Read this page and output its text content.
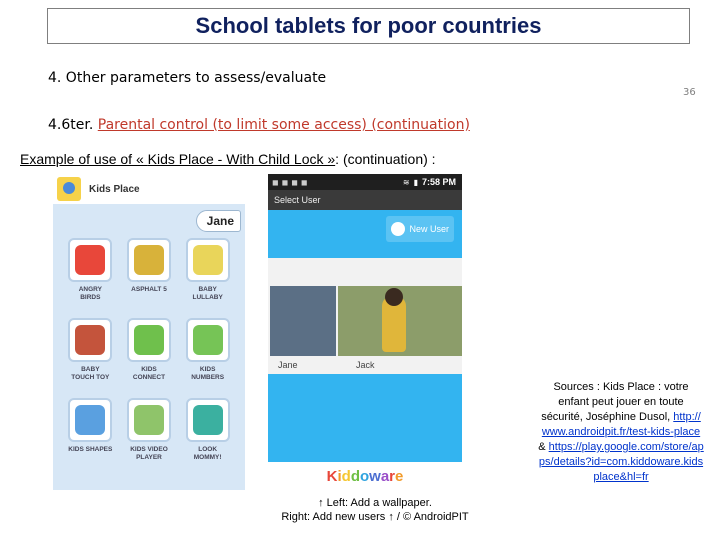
School tablets for poor countries
4. Other parameters to assess/evaluate
36
4.6ter. Parental control (to limit some access) (continuation)
Example of use of « Kids Place - With Child Lock »: (continuation) :
Kids Place
Jane
ANGRY
BIRDS
ASPHALT 5	BABY
LULLABY
BABY
TOUCH TOY
KIDS
CONNECT
KIDS
NUMBERS
KIDS SHAPES	KIDS VIDEO
PLAYER
LOOK
MOMMY!
◼◼◼◼	≋ ▮ 7:58 PM
Select User
New User
Jane	Jack
K i d d o w a r e
↑ Left: Add a wallpaper.
Right: Add new users ↑ / © AndroidPIT
Sources : Kids Place : votre enfant peut jouer en toute sécurité, Joséphine Dusol, http://www.androidpit.fr/test-kids-place & https://play.google.com/store/apps/details?id=com.kiddoware.kidsplace&hl=fr
